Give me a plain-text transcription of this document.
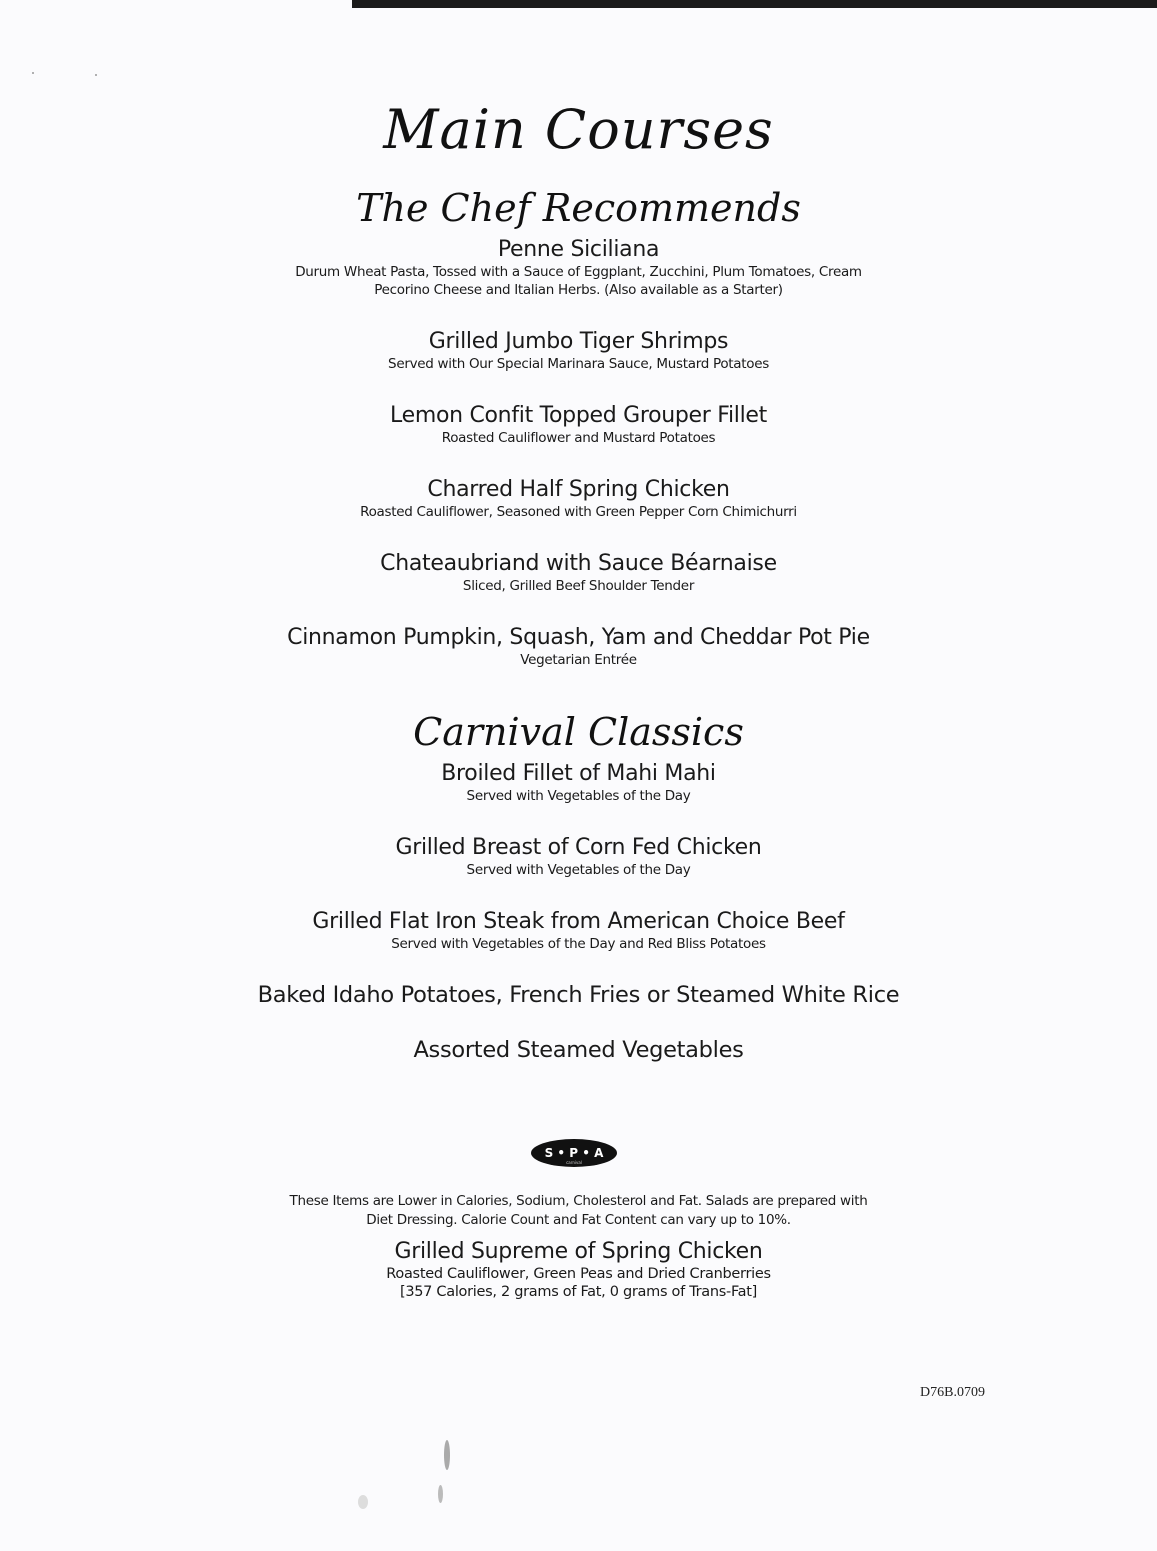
Main Courses
The Chef Recommends
Penne Siciliana
Durum Wheat Pasta, Tossed with a Sauce of Eggplant, Zucchini, Plum Tomatoes, Cream
Pecorino Cheese and Italian Herbs. (Also available as a Starter)
Grilled Jumbo Tiger Shrimps
Served with Our Special Marinara Sauce, Mustard Potatoes
Lemon Confit Topped Grouper Fillet
Roasted Cauliflower and Mustard Potatoes
Charred Half Spring Chicken
Roasted Cauliflower, Seasoned with Green Pepper Corn Chimichurri
Chateaubriand with Sauce Béarnaise
Sliced, Grilled Beef Shoulder Tender
Cinnamon Pumpkin, Squash, Yam and Cheddar Pot Pie
Vegetarian Entrée
Carnival Classics
Broiled Fillet of Mahi Mahi
Served with Vegetables of the Day
Grilled Breast of Corn Fed Chicken
Served with Vegetables of the Day
Grilled Flat Iron Steak from American Choice Beef
Served with Vegetables of the Day and Red Bliss Potatoes
Baked Idaho Potatoes, French Fries or Steamed White Rice
Assorted Steamed Vegetables
S • P • A
carnival
These Items are Lower in Calories, Sodium, Cholesterol and Fat. Salads are prepared with
Diet Dressing. Calorie Count and Fat Content can vary up to 10%.
Grilled Supreme of Spring Chicken
Roasted Cauliflower, Green Peas and Dried Cranberries
[357 Calories, 2 grams of Fat, 0 grams of Trans-Fat]
D76B.0709
